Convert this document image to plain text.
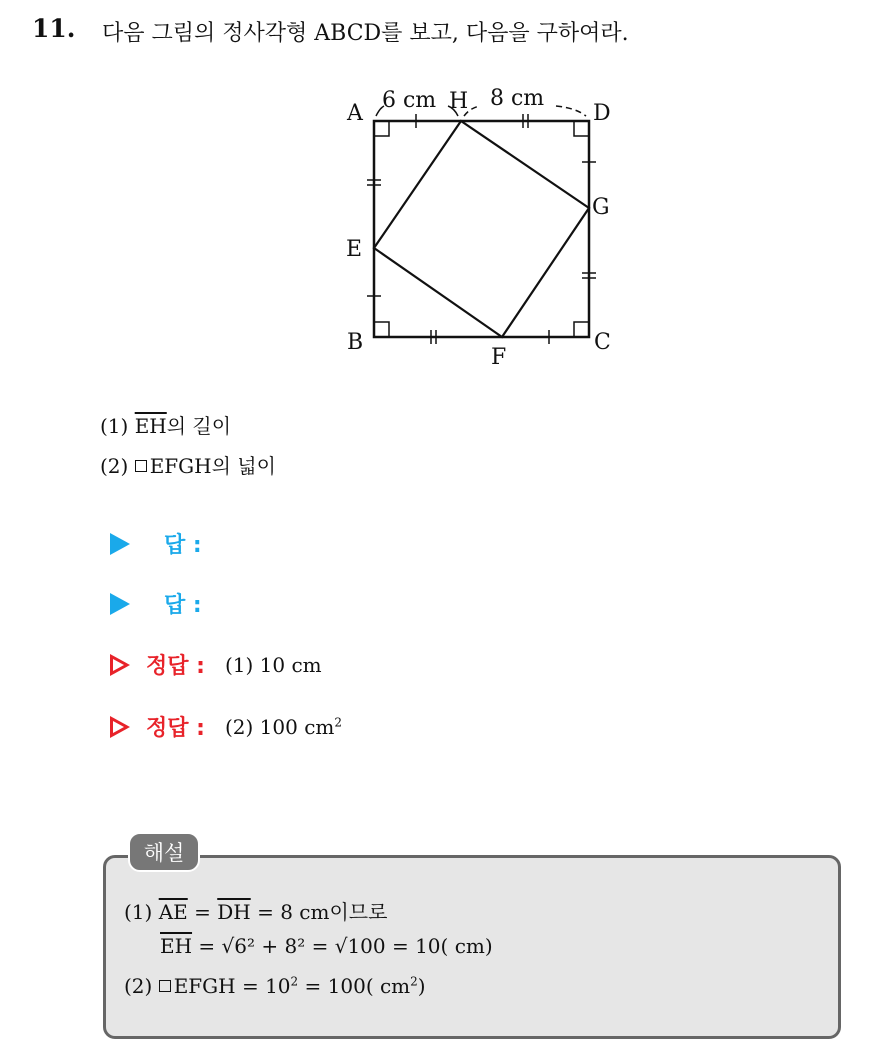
11. 다음 그림의 정사각형 ABCD를 보고, 다음을 구하여라.
A	D
B	C
E
F
G
H
6 cm 8 cm
(1) $\overline{EH}$의 길이
(2) EFGH의 넓이
답 :
답 :
정답 : (1)
10 cm
정답 : (2)
100 $cm^2$
해설
(1) $\overline{AE} = \overline{DH} = 8$ cm이므로
$\overline{EH} = √6^2 + 8^2 = √100 = 10$( cm)
(2) EFGH = $10^2 = 100$( $cm^2$)
